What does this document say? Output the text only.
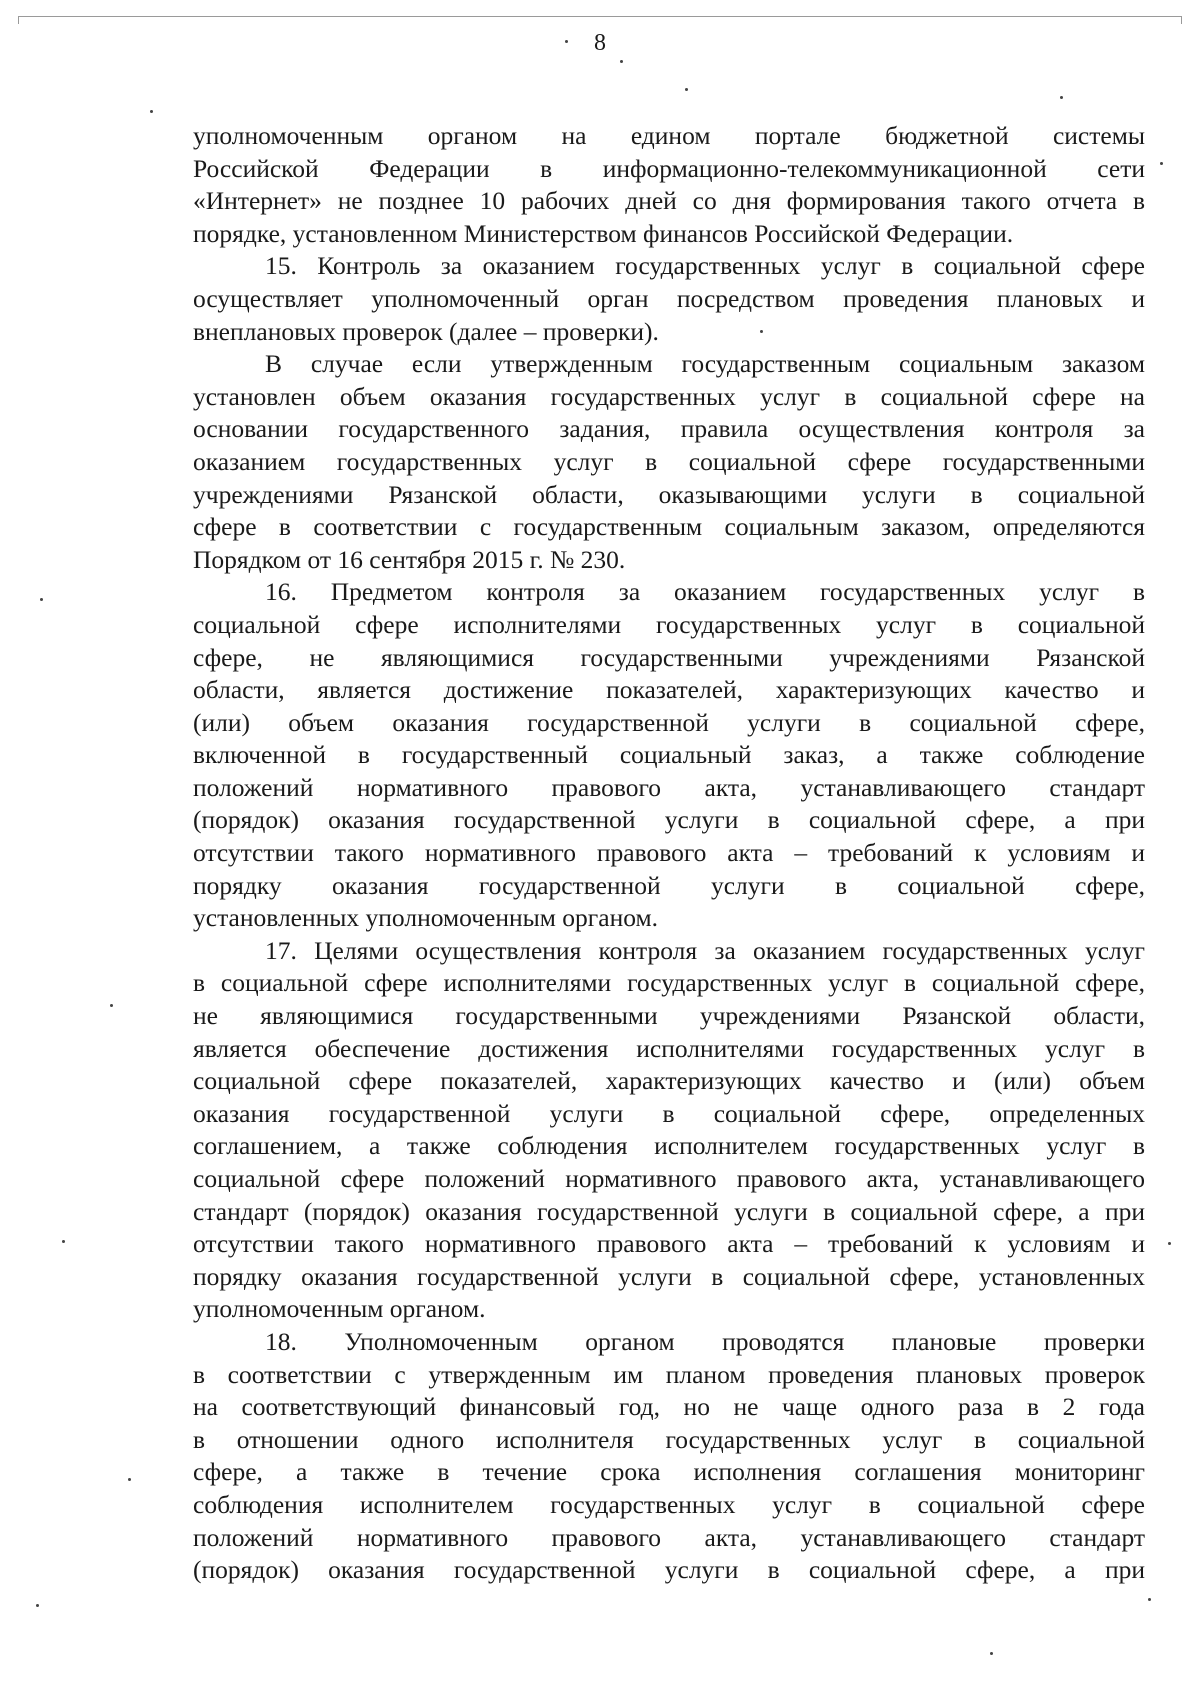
8
уполномоченным органом на едином портале бюджетной системы
Российской Федерации в информационно-телекоммуникационной сети
«Интернет» не позднее 10 рабочих дней со дня формирования такого отчета в
порядке, установленном Министерством финансов Российской Федерации.
15. Контроль за оказанием государственных услуг в социальной сфере
осуществляет уполномоченный орган посредством проведения плановых и
внеплановых проверок (далее – проверки).
В случае если утвержденным государственным социальным заказом
установлен объем оказания государственных услуг в социальной сфере на
основании государственного задания, правила осуществления контроля за
оказанием государственных услуг в социальной сфере государственными
учреждениями Рязанской области, оказывающими услуги в социальной
сфере в соответствии с государственным социальным заказом, определяются
Порядком от 16 сентября 2015 г. № 230.
16. Предметом контроля за оказанием государственных услуг в
социальной сфере исполнителями государственных услуг в социальной
сфере, не являющимися государственными учреждениями Рязанской
области, является достижение показателей, характеризующих качество и
(или) объем оказания государственной услуги в социальной сфере,
включенной в государственный социальный заказ, а также соблюдение
положений нормативного правового акта, устанавливающего стандарт
(порядок) оказания государственной услуги в социальной сфере, а при
отсутствии такого нормативного правового акта – требований к условиям и
порядку оказания государственной услуги в социальной сфере,
установленных уполномоченным органом.
17. Целями осуществления контроля за оказанием государственных услуг
в социальной сфере исполнителями государственных услуг в социальной сфере,
не являющимися государственными учреждениями Рязанской области,
является обеспечение достижения исполнителями государственных услуг в
социальной сфере показателей, характеризующих качество и (или) объем
оказания государственной услуги в социальной сфере, определенных
соглашением, а также соблюдения исполнителем государственных услуг в
социальной сфере положений нормативного правового акта, устанавливающего
стандарт (порядок) оказания государственной услуги в социальной сфере, а при
отсутствии такого нормативного правового акта – требований к условиям и
порядку оказания государственной услуги в социальной сфере, установленных
уполномоченным органом.
18. Уполномоченным органом проводятся плановые проверки
в соответствии с утвержденным им планом проведения плановых проверок
на соответствующий финансовый год, но не чаще одного раза в 2 года
в отношении одного исполнителя государственных услуг в социальной
сфере, а также в течение срока исполнения соглашения мониторинг
соблюдения исполнителем государственных услуг в социальной сфере
положений нормативного правового акта, устанавливающего стандарт
(порядок) оказания государственной услуги в социальной сфере, а при
